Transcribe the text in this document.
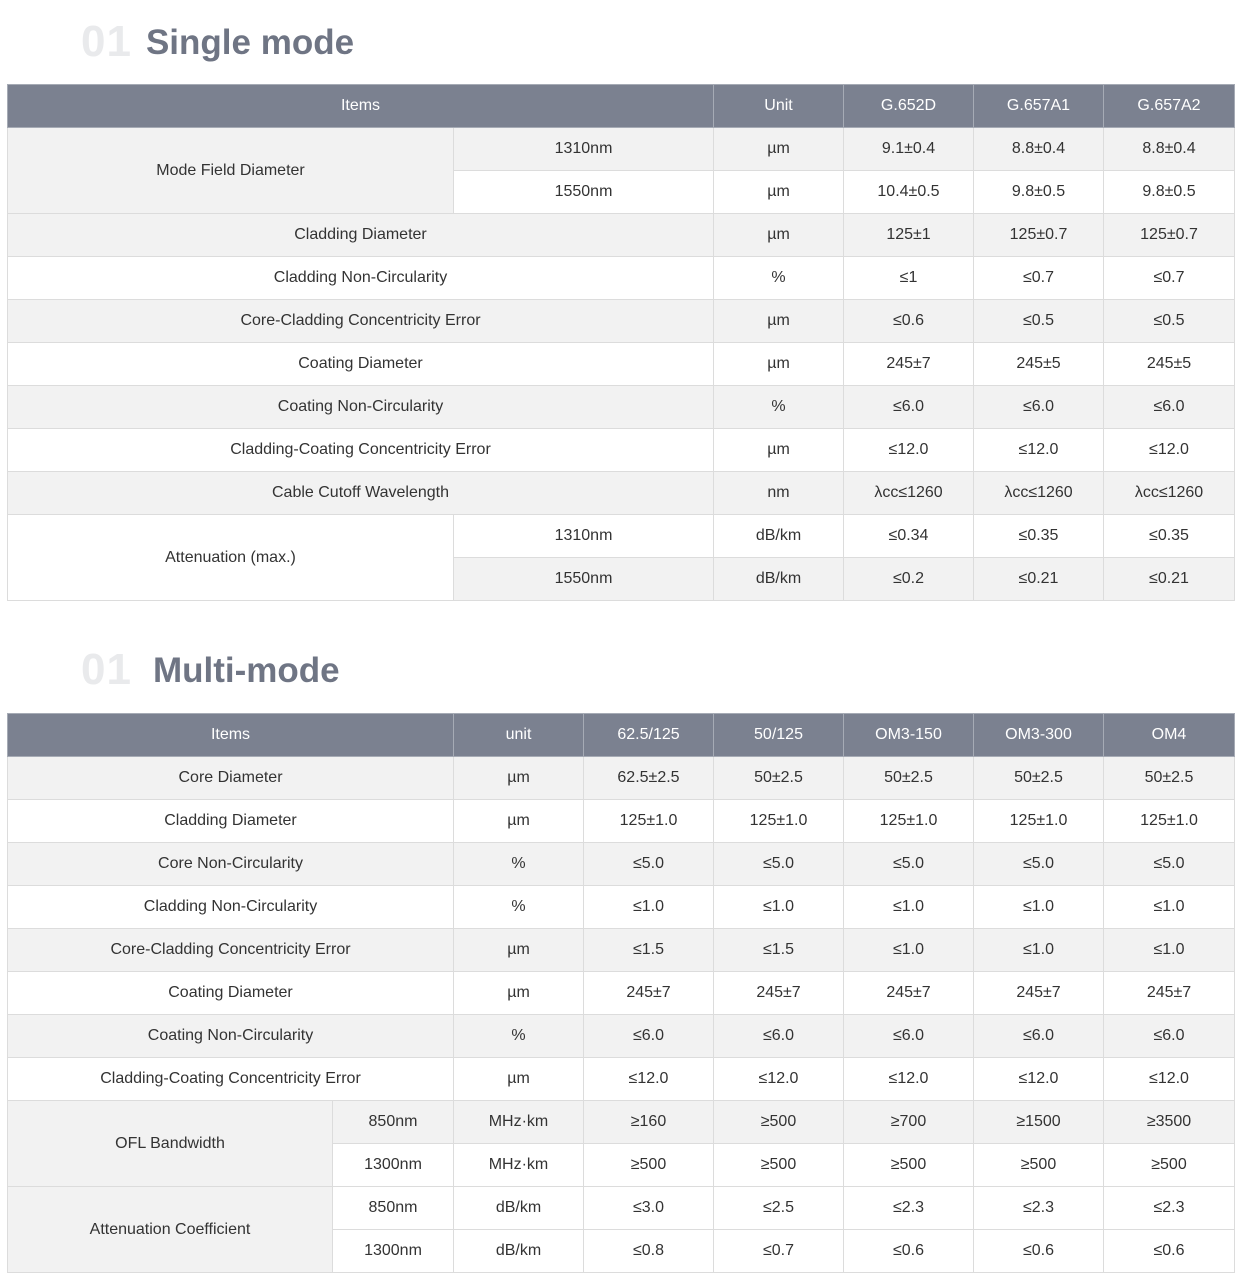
01 Single mode
Items		Unit	G.652D	G.657A1	G.657A2
Mode Field Diameter	1310nm	µm	9.1±0.4	8.8±0.4	8.8±0.4
	1550nm	µm	10.4±0.5	9.8±0.5	9.8±0.5
Cladding Diameter		µm	125±1	125±0.7	125±0.7
Cladding Non-Circularity		%	≤1	≤0.7	≤0.7
Core-Cladding Concentricity Error		µm	≤0.6	≤0.5	≤0.5
Coating Diameter		µm	245±7	245±5	245±5
Coating Non-Circularity		%	≤6.0	≤6.0	≤6.0
Cladding-Coating Concentricity Error		µm	≤12.0	≤12.0	≤12.0
Cable Cutoff Wavelength		nm	λcc≤1260	λcc≤1260	λcc≤1260
Attenuation (max.)	1310nm	dB/km	≤0.34	≤0.35	≤0.35
	1550nm	dB/km	≤0.2	≤0.21	≤0.21
01 Multi-mode
Items		unit	62.5/125	50/125	OM3-150	OM3-300	OM4
Core Diameter		µm	62.5±2.5	50±2.5	50±2.5	50±2.5	50±2.5
Cladding Diameter		µm	125±1.0	125±1.0	125±1.0	125±1.0	125±1.0
Core Non-Circularity		%	≤5.0	≤5.0	≤5.0	≤5.0	≤5.0
Cladding Non-Circularity		%	≤1.0	≤1.0	≤1.0	≤1.0	≤1.0
Core-Cladding Concentricity Error		µm	≤1.5	≤1.5	≤1.0	≤1.0	≤1.0
Coating Diameter		µm	245±7	245±7	245±7	245±7	245±7
Coating Non-Circularity		%	≤6.0	≤6.0	≤6.0	≤6.0	≤6.0
Cladding-Coating Concentricity Error		µm	≤12.0	≤12.0	≤12.0	≤12.0	≤12.0
OFL Bandwidth	850nm	MHz·km	≥160	≥500	≥700	≥1500	≥3500
	1300nm	MHz·km	≥500	≥500	≥500	≥500	≥500
Attenuation Coefficient	850nm	dB/km	≤3.0	≤2.5	≤2.3	≤2.3	≤2.3
	1300nm	dB/km	≤0.8	≤0.7	≤0.6	≤0.6	≤0.6
